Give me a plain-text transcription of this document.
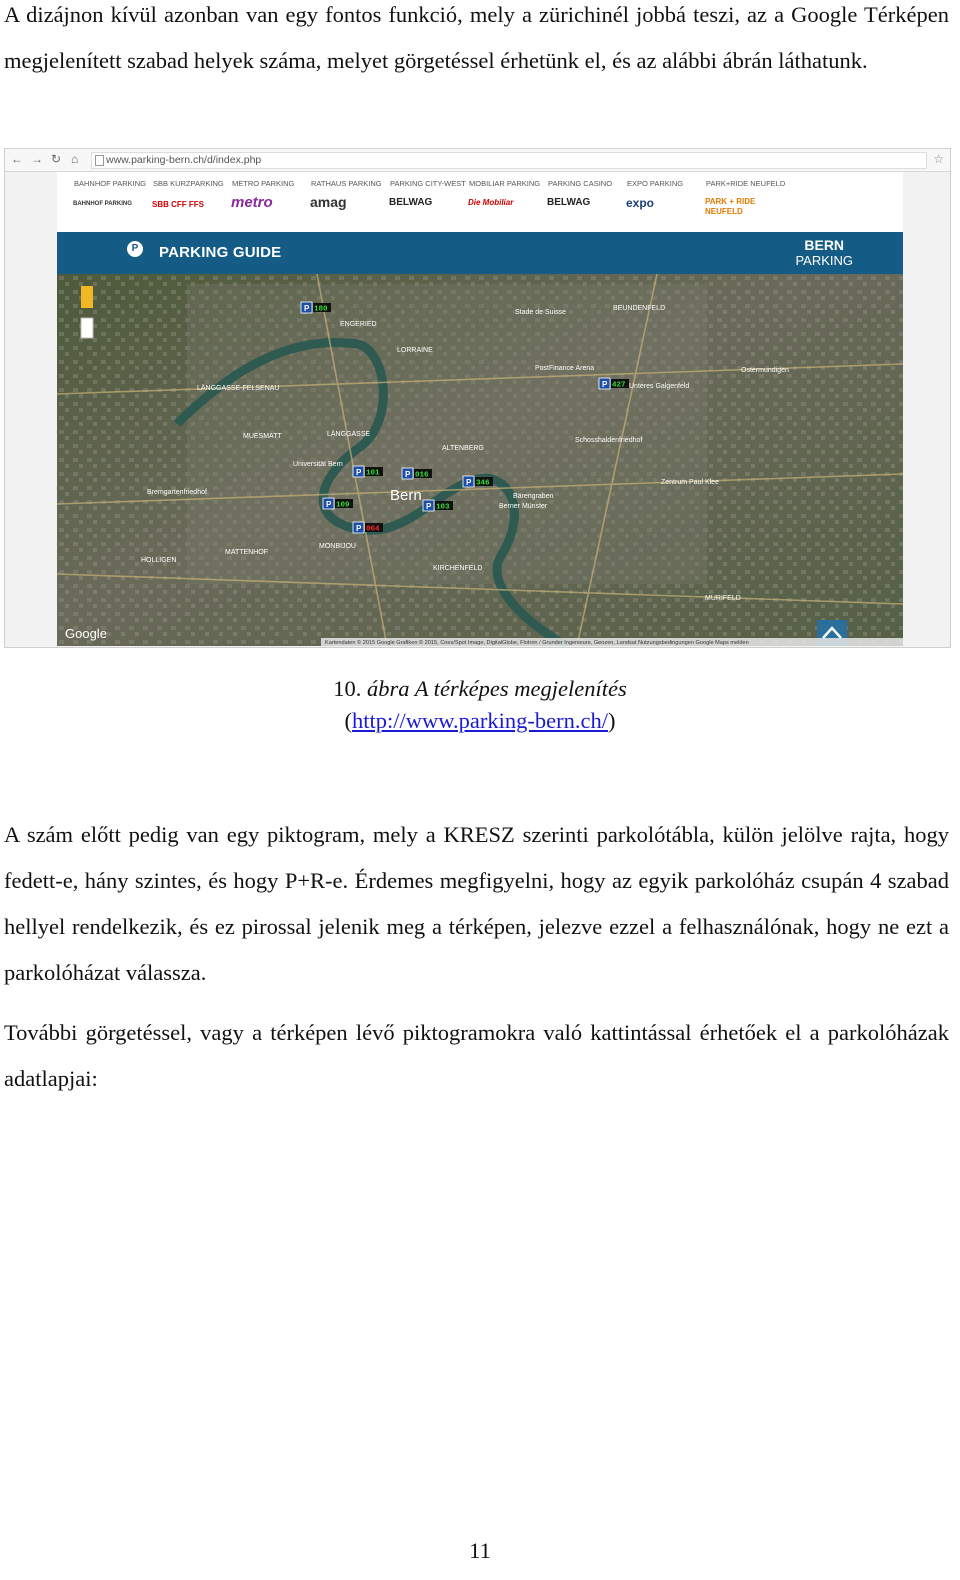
A dizájnon kívül azonban van egy fontos funkció, mely a zürichinél jobbá teszi, az a Google Térképen megjelenített szabad helyek száma, melyet görgetéssel érhetünk el, és az alábbi ábrán láthatunk.

← → ↻ ⌂	www.parking-bern.ch/d/index.php	☆
BAHNHOF PARKING
BAHNHOF PARKING
SBB KURZPARKING
SBB CFF FFS
METRO PARKING
metro
RATHAUS PARKING
amag
PARKING CITY-WEST
BELWAG
MOBILIAR PARKING
Die Mobiliar
PARKING CASINO
BELWAG
EXPO PARKING
expo
PARK+RIDE NEUFELD
PARK + RIDE NEUFELD
P	PARKING GUIDE	BERN
PARKING
ENGERIED
LORRAINE
BEUNDENFELD
Ostermundigen
LÄNGGASSE-FELSENAU
MUESMATT	LÄNGGASSE
ALTENBERG
Bern
HOLLIGEN
MATTENHOF
MONBIJOU
KIRCHENFELD
MURIFELD
Stade de Suisse
PostFinance Arena
Unteres Galgenfeld
Zentrum Paul Klee
Schosshaldenfriedhof
Bremgartenfriedhof
Bärengraben
Berner Münster
Universität Bern
P 180
P 427
P 101	P 016
P 346
P 109	P 103
P 004
Google
Kartendaten © 2015 Google Grafiken © 2015, Cnes/Spot Image, DigitalGlobe, Flotron / Grunder Ingenieure, Geozen, Landsat Nutzungsbedingungen Google Maps melden

10. ábra A térképes megjelenítés

(http://www.parking-bern.ch/)

A szám előtt pedig van egy piktogram, mely a KRESZ szerinti parkolótábla, külön jelölve rajta, hogy fedett-e, hány szintes, és hogy P+R-e. Érdemes megfigyelni, hogy az egyik parkolóház csupán 4 szabad hellyel rendelkezik, és ez pirossal jelenik meg a térképen, jelezve ezzel a felhasználónak, hogy ne ezt a parkolóházat válassza.

További görgetéssel, vagy a térképen lévő piktogramokra való kattintással érhetőek el a parkolóházak adatlapjai:

11
